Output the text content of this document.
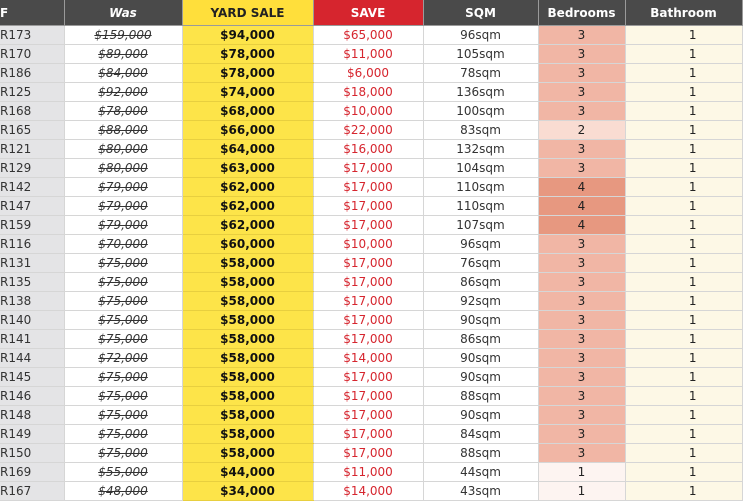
F	Was	YARD SALE	SAVE	SQM	Bedrooms	Bathroom
R173	$159,000	$94,000	$65,000	96sqm	3	1
R170	$89,000	$78,000	$11,000	105sqm	3	1
R186	$84,000	$78,000	$6,000	78sqm	3	1
R125	$92,000	$74,000	$18,000	136sqm	3	1
R168	$78,000	$68,000	$10,000	100sqm	3	1
R165	$88,000	$66,000	$22,000	83sqm	2	1
R121	$80,000	$64,000	$16,000	132sqm	3	1
R129	$80,000	$63,000	$17,000	104sqm	3	1
R142	$79,000	$62,000	$17,000	110sqm	4	1
R147	$79,000	$62,000	$17,000	110sqm	4	1
R159	$79,000	$62,000	$17,000	107sqm	4	1
R116	$70,000	$60,000	$10,000	96sqm	3	1
R131	$75,000	$58,000	$17,000	76sqm	3	1
R135	$75,000	$58,000	$17,000	86sqm	3	1
R138	$75,000	$58,000	$17,000	92sqm	3	1
R140	$75,000	$58,000	$17,000	90sqm	3	1
R141	$75,000	$58,000	$17,000	86sqm	3	1
R144	$72,000	$58,000	$14,000	90sqm	3	1
R145	$75,000	$58,000	$17,000	90sqm	3	1
R146	$75,000	$58,000	$17,000	88sqm	3	1
R148	$75,000	$58,000	$17,000	90sqm	3	1
R149	$75,000	$58,000	$17,000	84sqm	3	1
R150	$75,000	$58,000	$17,000	88sqm	3	1
R169	$55,000	$44,000	$11,000	44sqm	1	1
R167	$48,000	$34,000	$14,000	43sqm	1	1
